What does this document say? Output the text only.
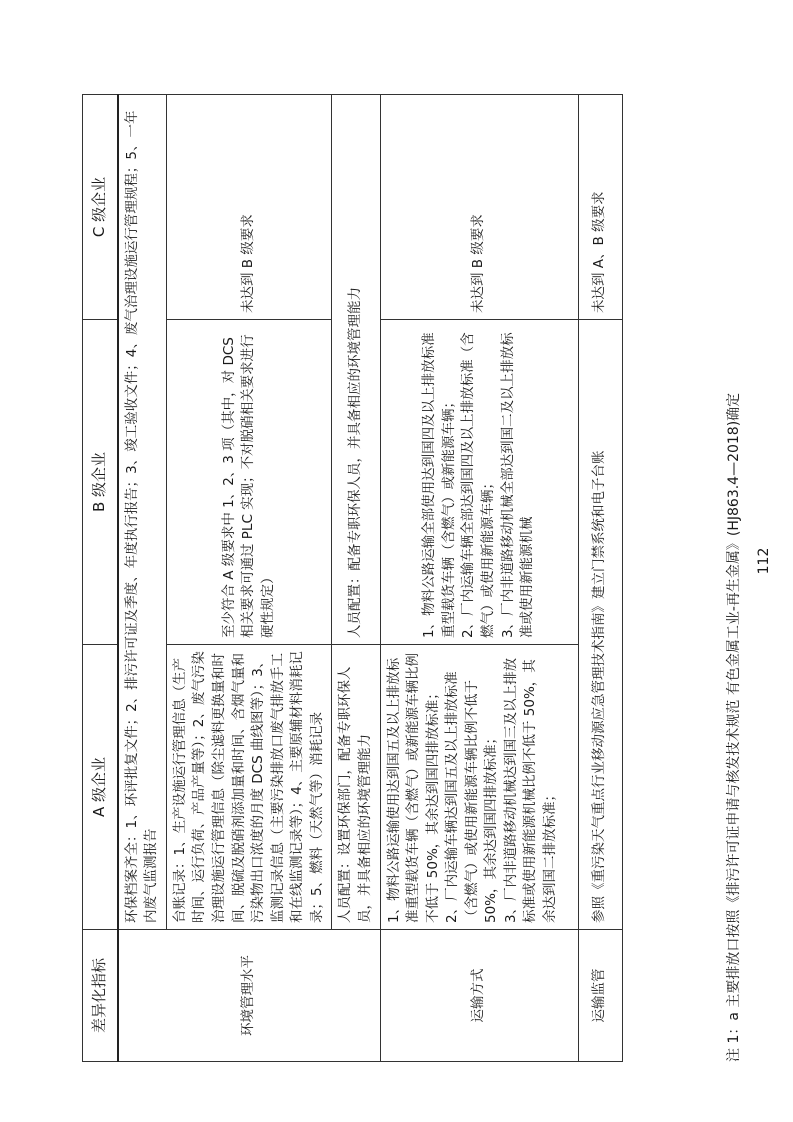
差异化指标	A 级企业	B 级企业	C 级企业
环境管理水平	环保档案齐全：1、环评批复文件；2、排污许可证及季度、年度执行报告；3、竣工验收文件；4、废气治理设施运行管理规程；5、一年内废气监测报告		
	台账记录：1、生产设施运行管理信息（生产时间、运行负荷、产品产量等）；2、废气污染治理设施运行管理信息（除尘滤料更换量和时间、脱硫及脱硝剂添加量和时间、含烟气量和污染物出口浓度的月度 DCS 曲线图等）；3、监测记录信息（主要污染排放口废气排放手工和在线监测记录等）；4、主要原辅材料消耗记录；5、燃料（天然气等）消耗记录	至少符合 A 级要求中 1、2、3 项（其中，对 DCS 相关要求可通过 PLC 实现；不对脱硝相关要求进行硬性规定）	未达到 B 级要求
	人员配置：设置环保部门，配备专职环保人员，并具备相应的环境管理能力	人员配置：配备专职环保人员，并具备相应的环境管理能力	
运输方式	1、物料公路运输使用达到国五及以上排放标准重型载货车辆（含燃气）或新能源车辆比例不低于 50%，其余达到国四排放标准； 2、厂内运输车辆达到国五及以上排放标准（含燃气）或使用新能源车辆比例不低于 50%，其余达到国四排放标准； 3、厂内非道路移动机械达到国三及以上排放标准或使用新能源机械比例不低于 50%，其余达到国二排放标准；	1、物料公路运输全部使用达到国四及以上排放标准重型载货车辆（含燃气）或新能源车辆； 2、厂内运输车辆全部达到国四及以上排放标准（含燃气）或使用新能源车辆； 3、厂内非道路移动机械全部达到国二及以上排放标准或使用新能源机械	未达到 B 级要求
运输监管	参照《重污染天气重点行业移动源应急管理技术指南》建立门禁系统和电子台账		未达到 A、B 级要求
注 1：a 主要排放口按照《排污许可证申请与核发技术规范 有色金属工业-再生金属》(HJ863.4—2018)确定 112
